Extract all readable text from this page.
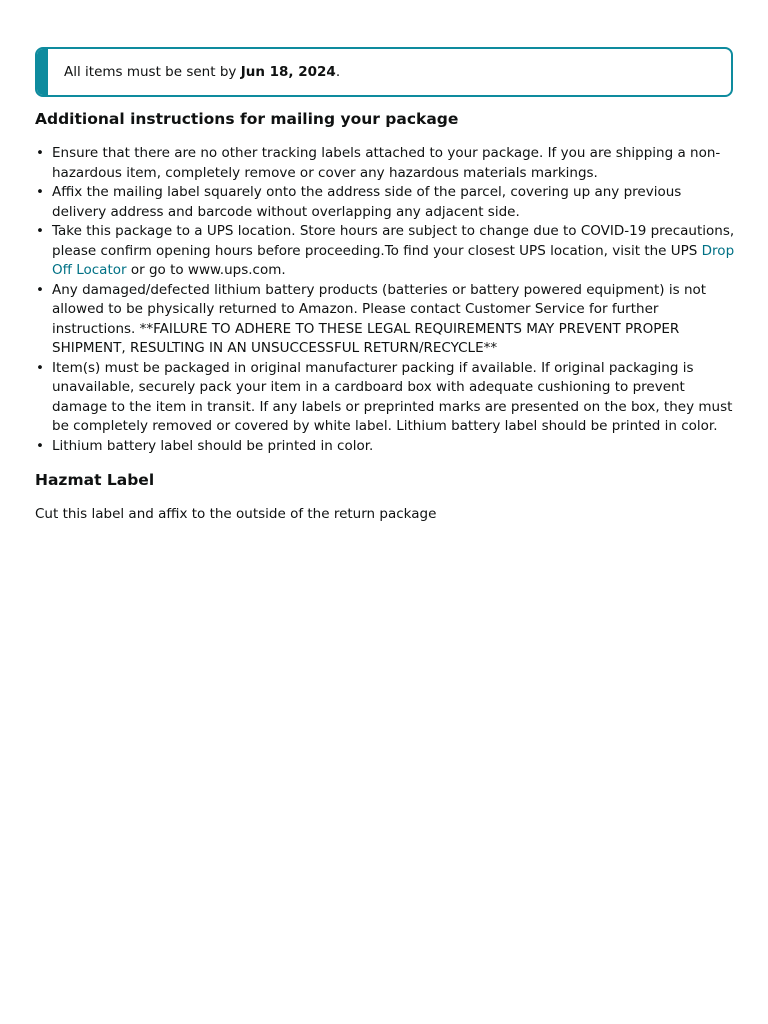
All items must be sent by Jun 18, 2024.
Additional instructions for mailing your package
• Ensure that there are no other tracking labels attached to your package. If you are shipping a non-hazardous item, completely remove or cover any hazardous materials markings.
• Affix the mailing label squarely onto the address side of the parcel, covering up any previous delivery address and barcode without overlapping any adjacent side.
• Take this package to a UPS location. Store hours are subject to change due to COVID-19 precautions, please confirm opening hours before proceeding.To find your closest UPS location, visit the UPS Drop Off Locator or go to www.ups.com.
• Any damaged/defected lithium battery products (batteries or battery powered equipment) is not allowed to be physically returned to Amazon. Please contact Customer Service for further instructions. **FAILURE TO ADHERE TO THESE LEGAL REQUIREMENTS MAY PREVENT PROPER SHIPMENT, RESULTING IN AN UNSUCCESSFUL RETURN/RECYCLE**
• Item(s) must be packaged in original manufacturer packing if available. If original packaging is unavailable, securely pack your item in a cardboard box with adequate cushioning to prevent damage to the item in transit. If any labels or preprinted marks are presented on the box, they must be completely removed or covered by white label. Lithium battery label should be printed in color.
• Lithium battery label should be printed in color.
Hazmat Label
Cut this label and affix to the outside of the return package
